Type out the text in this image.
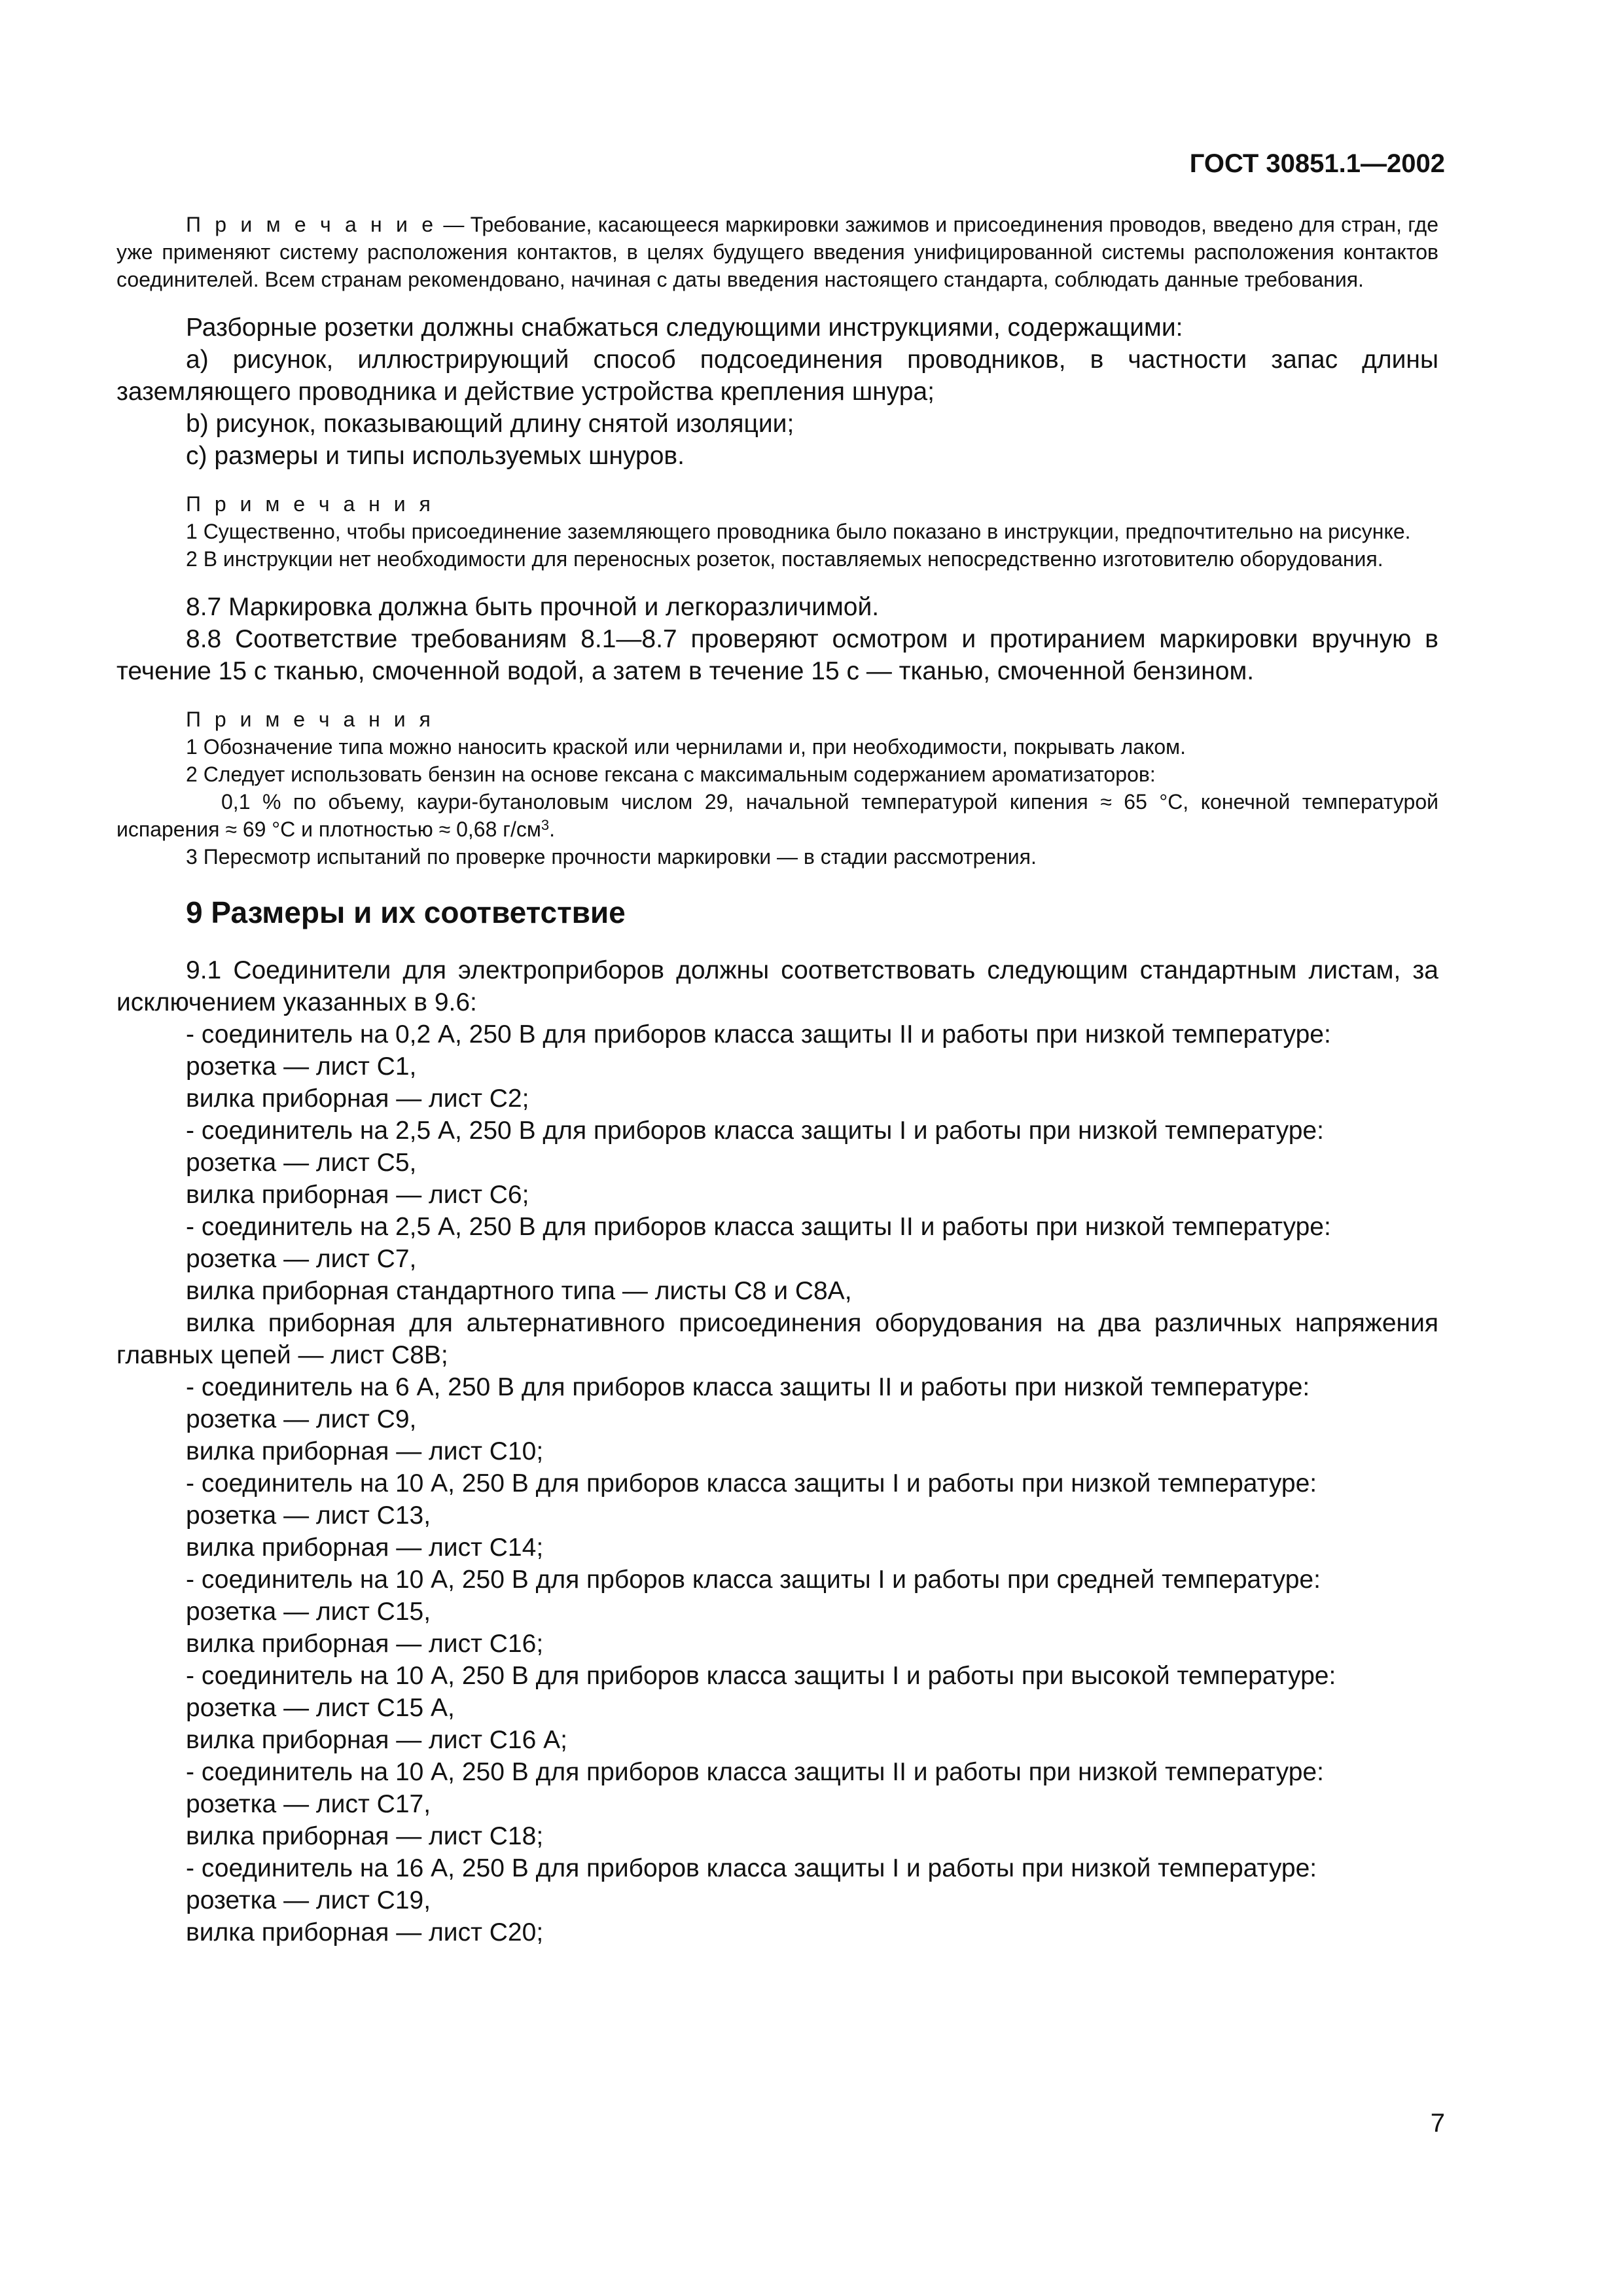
ГОСТ 30851.1—2002

П р и м е ч а н и е — Требование, касающееся маркировки зажимов и присоединения проводов, введено для стран, где уже применяют систему расположения контактов, в целях будущего введения унифицированной системы расположения контактов соединителей. Всем странам рекомендовано, начиная с даты введения настоящего стандарта, соблюдать данные требования.

Разборные розетки должны снабжаться следующими инструкциями, содержащими:

a) рисунок, иллюстрирующий способ подсоединения проводников, в частности запас длины заземляющего проводника и действие устройства крепления шнура;

b) рисунок, показывающий длину снятой изоляции;

c) размеры и типы используемых шнуров.

П р и м е ч а н и я

1 Существенно, чтобы присоединение заземляющего проводника было показано в инструкции, предпочтительно на рисунке.

2 В инструкции нет необходимости для переносных розеток, поставляемых непосредственно изготовителю оборудования.

8.7 Маркировка должна быть прочной и легкоразличимой.

8.8 Соответствие требованиям 8.1—8.7 проверяют осмотром и протиранием маркировки вручную в течение 15 с тканью, смоченной водой, а затем в течение 15 с — тканью, смоченной бензином.

П р и м е ч а н и я

1 Обозначение типа можно наносить краской или чернилами и, при необходимости, покрывать лаком.

2 Следует использовать бензин на основе гексана с максимальным содержанием ароматизаторов:

0,1 % по объему, каури-бутаноловым числом 29, начальной температурой кипения ≈ 65 °C, конечной температурой испарения ≈ 69 °C и плотностью ≈ 0,68 $г/см^3$.

3 Пересмотр испытаний по проверке прочности маркировки — в стадии рассмотрения.

9 Размеры и их соответствие

9.1 Соединители для электроприборов должны соответствовать следующим стандартным листам, за исключением указанных в 9.6:

- соединитель на 0,2 А, 250 В для приборов класса защиты II и работы при низкой температуре:

розетка — лист С1,

вилка приборная — лист С2;

- соединитель на 2,5 А, 250 В для приборов класса защиты I и работы при низкой температуре:

розетка — лист С5,

вилка приборная — лист С6;

- соединитель на 2,5 А, 250 В для приборов класса защиты II и работы при низкой температуре:

розетка — лист С7,

вилка приборная стандартного типа — листы С8 и С8А,

вилка приборная для альтернативного присоединения оборудования на два различных напряжения главных цепей — лист С8В;

- соединитель на 6 А, 250 В для приборов класса защиты II и работы при низкой температуре:

розетка — лист С9,

вилка приборная — лист С10;

- соединитель на 10 А, 250 В для приборов класса защиты I и работы при низкой температуре:

розетка — лист С13,

вилка приборная — лист С14;

- соединитель на 10 А, 250 В для прборов класса защиты I и работы при средней температуре:

розетка — лист С15,

вилка приборная — лист С16;

- соединитель на 10 А, 250 В для приборов класса защиты I и работы при высокой температуре:

розетка — лист С15 А,

вилка приборная — лист С16 А;

- соединитель на 10 А, 250 В для приборов класса защиты II и работы при низкой температуре:

розетка — лист С17,

вилка приборная — лист С18;

- соединитель на 16 А, 250 В для приборов класса защиты I и работы при низкой температуре:

розетка — лист С19,

вилка приборная — лист С20;

7
